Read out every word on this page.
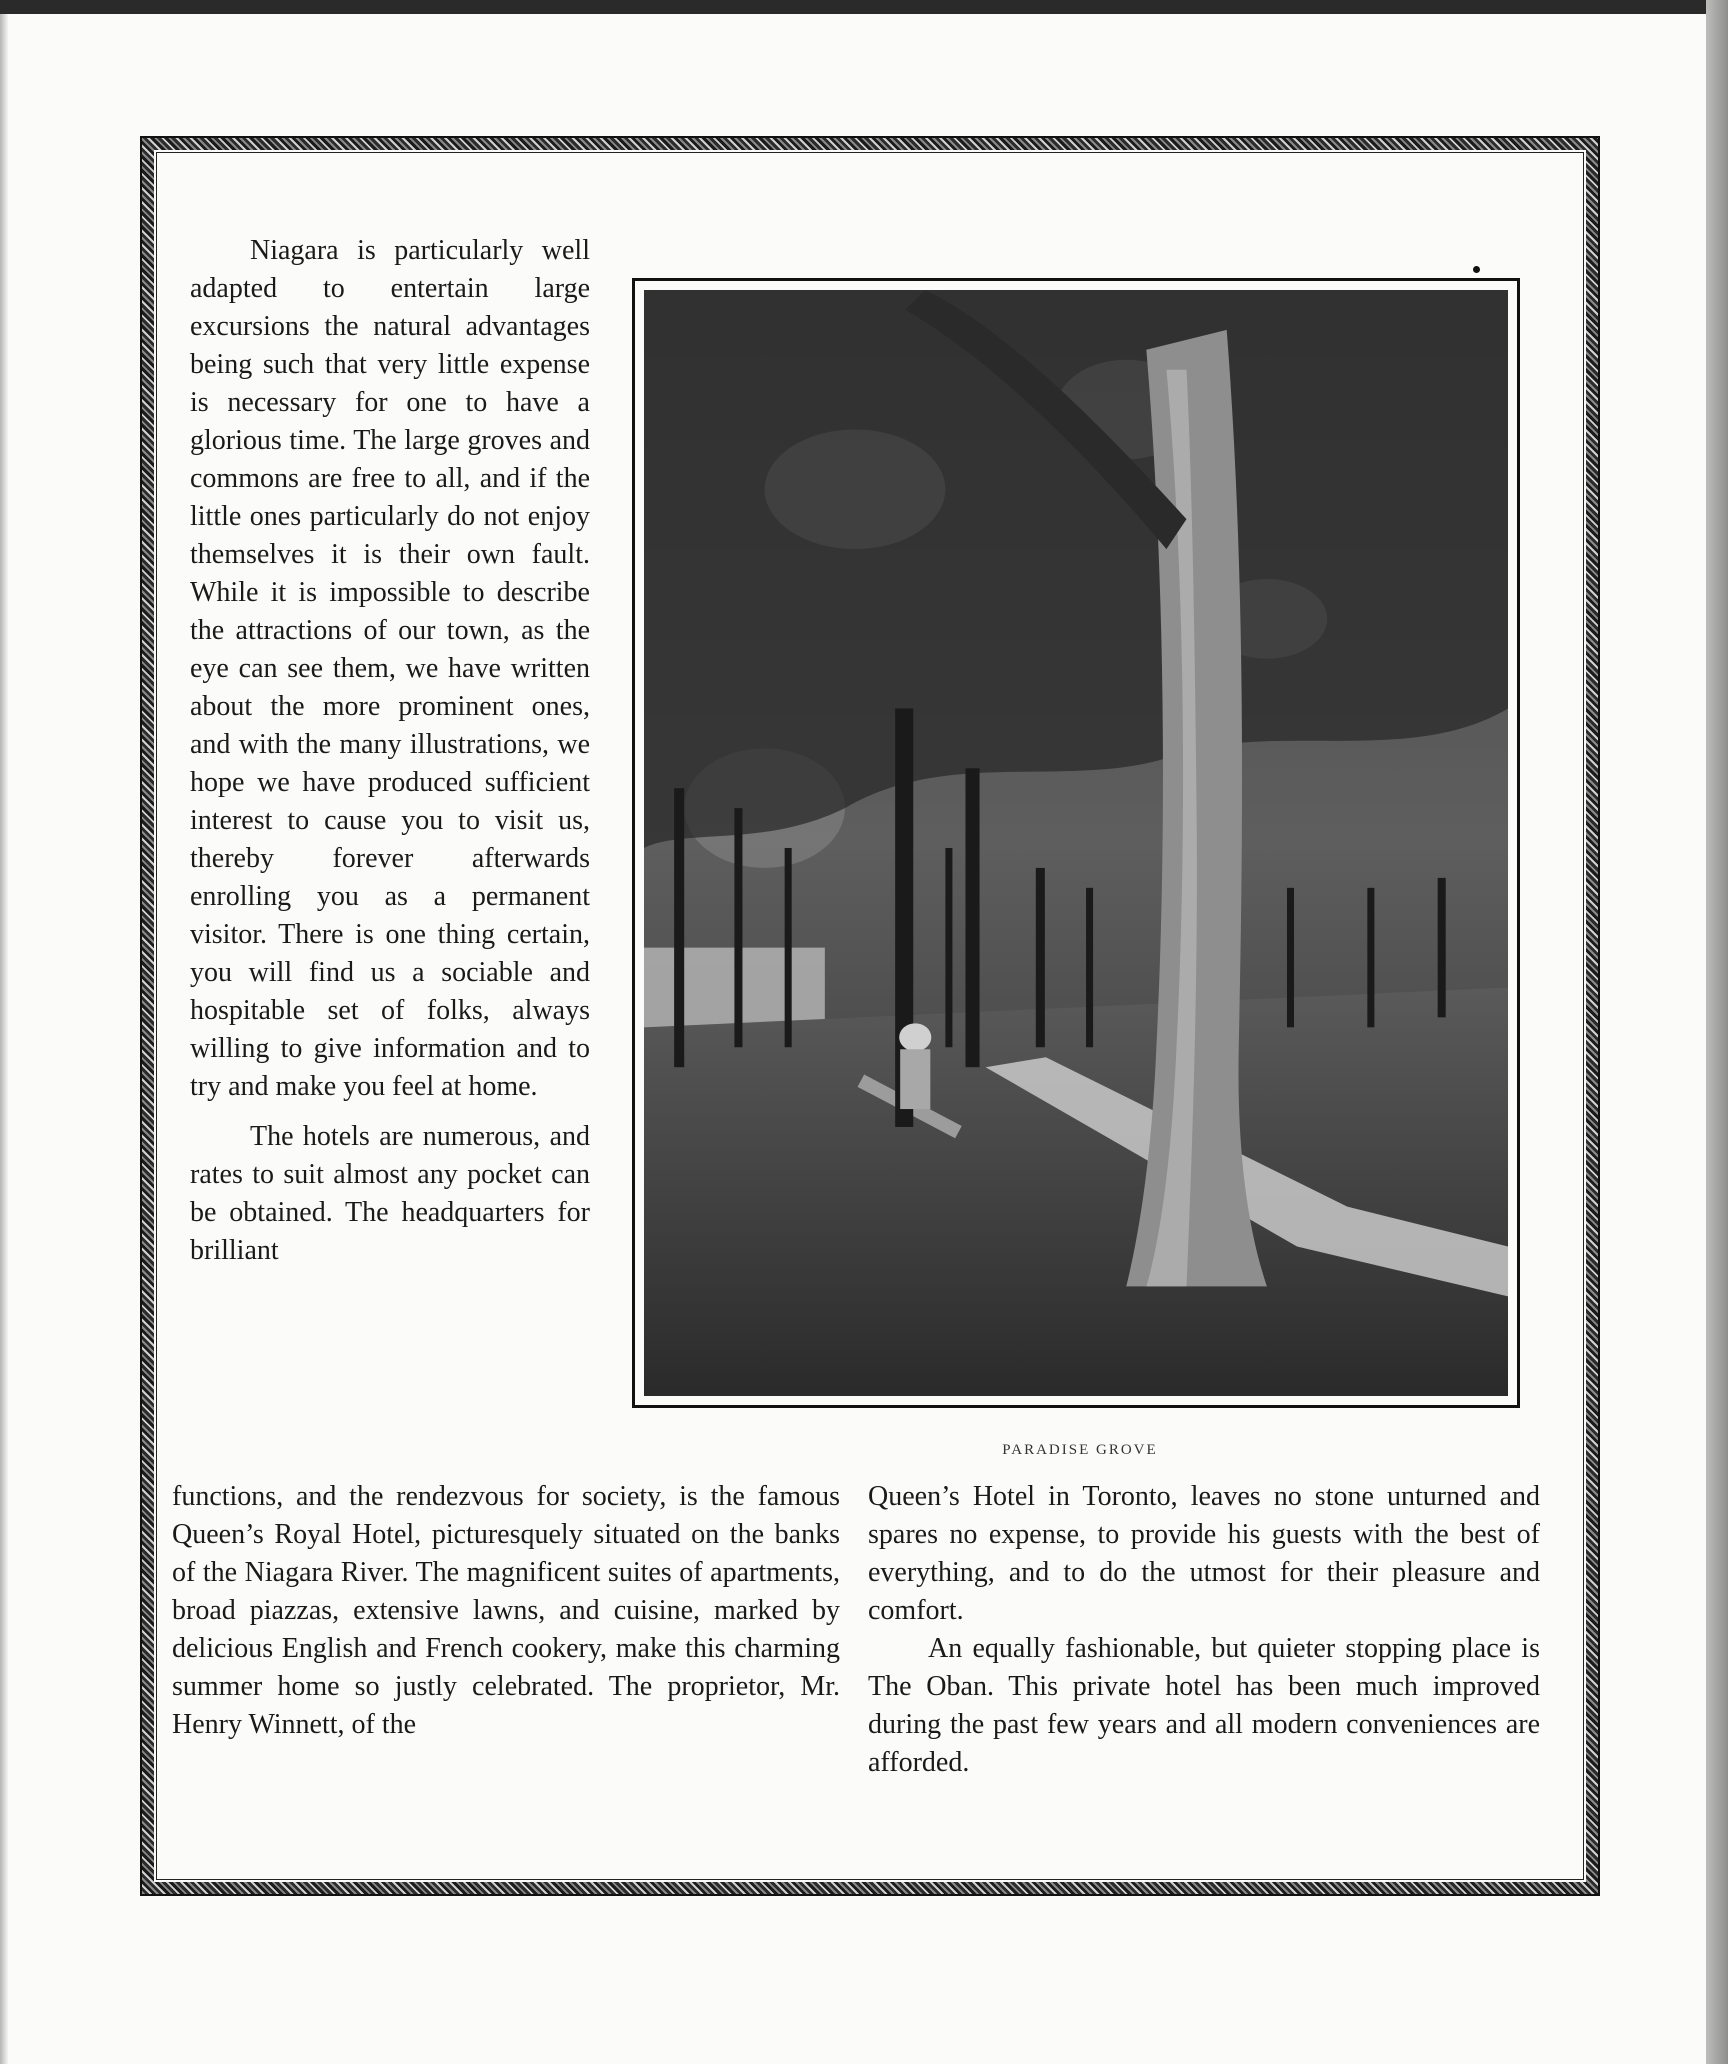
Niagara is particularly well adapted to entertain large excursions the natural advantages being such that very little expense is necessary for one to have a glorious time. The large groves and commons are free to all, and if the little ones particularly do not enjoy themselves it is their own fault. While it is impossible to describe the attractions of our town, as the eye can see them, we have written about the more prominent ones, and with the many illustrations, we hope we have produced sufficient interest to cause you to visit us, thereby forever afterwards enrolling you as a permanent visitor. There is one thing certain, you will find us a sociable and hospitable set of folks, always willing to give information and to try and make you feel at home.

The hotels are numerous, and rates to suit almost any pocket can be obtained. The headquarters for brilliant

PARADISE GROVE

functions, and the rendezvous for society, is the famous Queen’s Royal Hotel, picturesquely situated on the banks of the Niagara River. The magnificent suites of apartments, broad piazzas, extensive lawns, and cuisine, marked by delicious English and French cookery, make this charming summer home so justly celebrated. The proprietor, Mr. Henry Winnett, of the

Queen’s Hotel in Toronto, leaves no stone unturned and spares no expense, to provide his guests with the best of everything, and to do the utmost for their pleasure and comfort.

An equally fashionable, but quieter stopping place is The Oban. This private hotel has been much improved during the past few years and all modern conveniences are afforded.
